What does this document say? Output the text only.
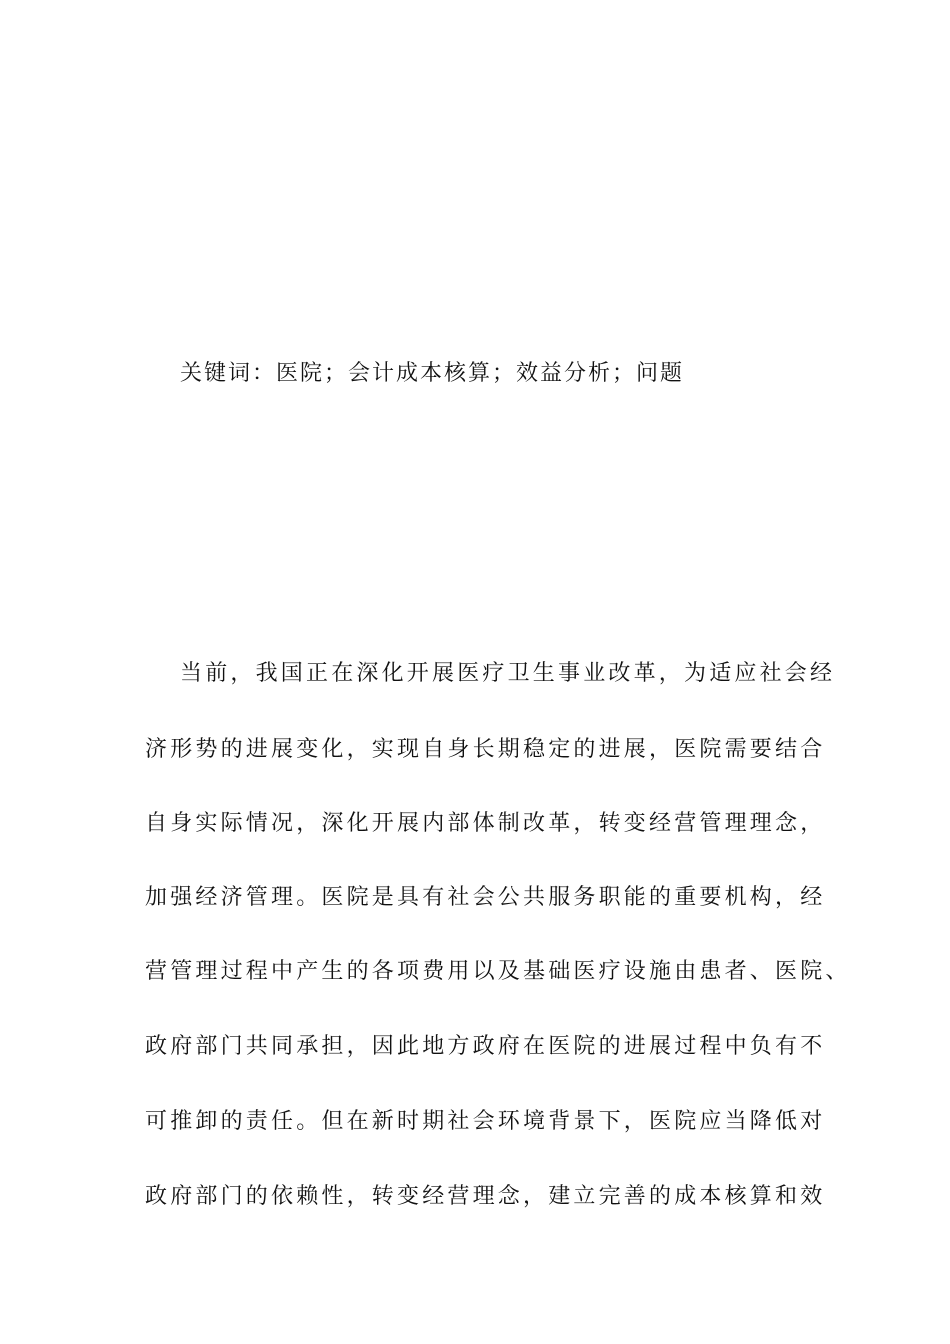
关键词：医院；会计成本核算；效益分析；问题
当前，我国正在深化开展医疗卫生事业改革，为适应社会经
济形势的进展变化，实现自身长期稳定的进展，医院需要结合
自身实际情况，深化开展内部体制改革，转变经营管理理念，
加强经济管理。医院是具有社会公共服务职能的重要机构，经
营管理过程中产生的各项费用以及基础医疗设施由患者、医院、
政府部门共同承担，因此地方政府在医院的进展过程中负有不
可推卸的责任。但在新时期社会环境背景下，医院应当降低对
政府部门的依赖性，转变经营理念，建立完善的成本核算和效
